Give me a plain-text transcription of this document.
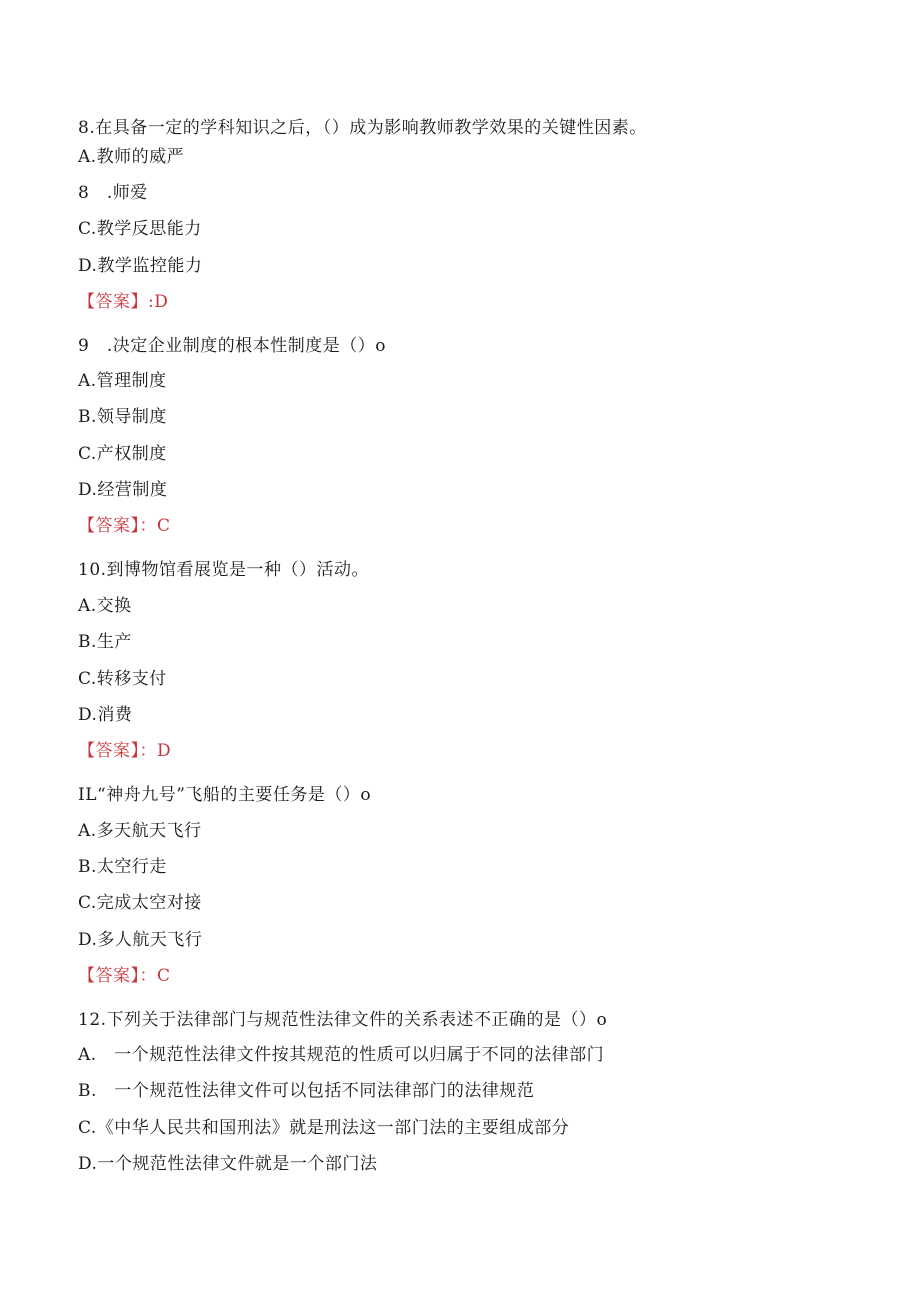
8.在具备一定的学科知识之后，（）成为影响教师教学效果的关键性因素。
A.教师的威严
8　.师爱
C.教学反思能力
D.教学监控能力
【答案】:D
9　.决定企业制度的根本性制度是（）o
A.管理制度
B.领导制度
C.产权制度
D.经营制度
【答案】：C
10.到博物馆看展览是一种（）活动。
A.交换
B.生产
C.转移支付
D.消费
【答案】：D
IL“神舟九号”飞船的主要任务是（）o
A.多天航天飞行
B.太空行走
C.完成太空对接
D.多人航天飞行
【答案】：C
12.下列关于法律部门与规范性法律文件的关系表述不正确的是（）o
A.　一个规范性法律文件按其规范的性质可以归属于不同的法律部门
B.　一个规范性法律文件可以包括不同法律部门的法律规范
C.《中华人民共和国刑法》就是刑法这一部门法的主要组成部分
D.一个规范性法律文件就是一个部门法
